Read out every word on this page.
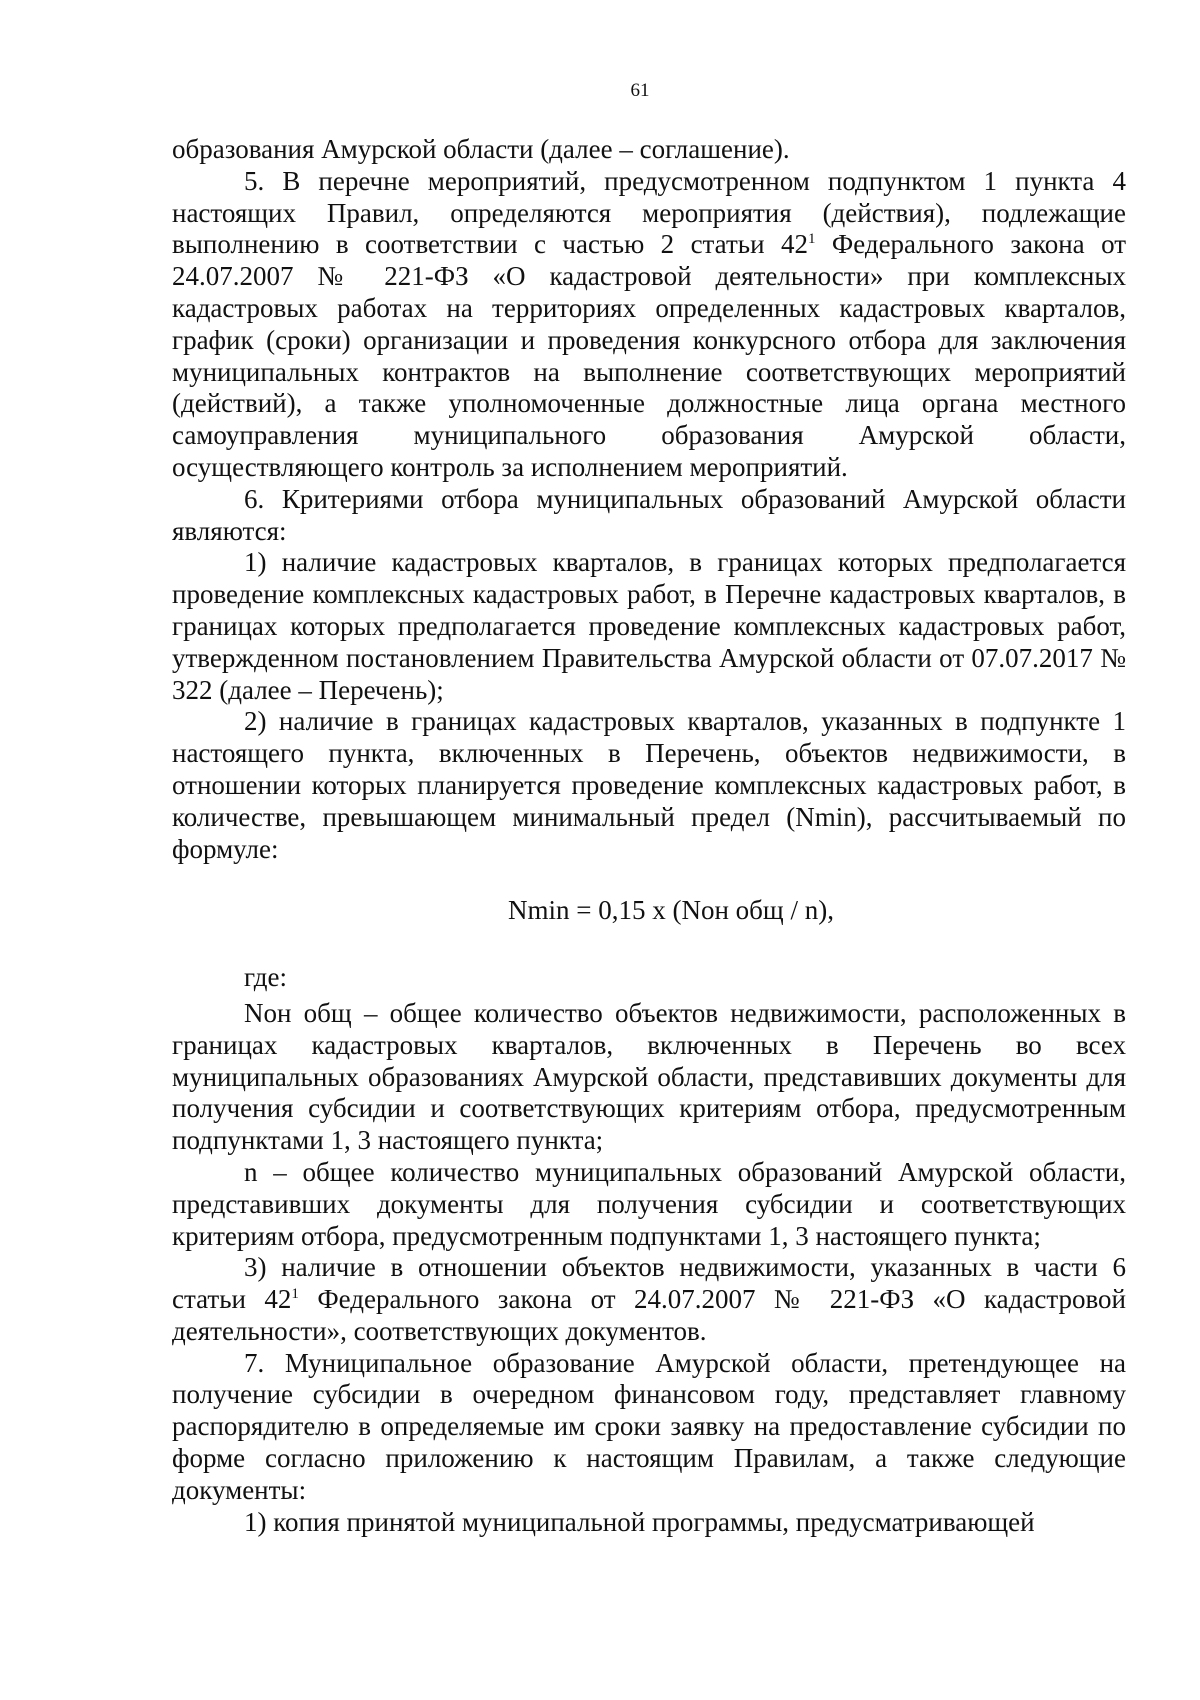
61

образования Амурской области (далее – соглашение).

5. В перечне мероприятий, предусмотренном подпунктом 1 пункта 4 настоящих Правил, определяются мероприятия (действия), подлежащие выполнению в соответствии с частью 2 статьи $42^1$ Федерального закона от 24.07.2007 № 221-ФЗ «О кадастровой деятельности» при комплексных кадастровых работах на территориях определенных кадастровых кварталов, график (сроки) организации и проведения конкурсного отбора для заключения муниципальных контрактов на выполнение соответствующих мероприятий (действий), а также уполномоченные должностные лица органа местного самоуправления муниципального образования Амурской области, осуществляющего контроль за исполнением мероприятий.

6. Критериями отбора муниципальных образований Амурской области являются:

1) наличие кадастровых кварталов, в границах которых предполагается проведение комплексных кадастровых работ, в Перечне кадастровых кварталов, в границах которых предполагается проведение комплексных кадастровых работ, утвержденном постановлением Правительства Амурской области от 07.07.2017 № 322 (далее – Перечень);

2) наличие в границах кадастровых кварталов, указанных в подпункте 1 настоящего пункта, включенных в Перечень, объектов недвижимости, в отношении которых планируется проведение комплексных кадастровых работ, в количестве, превышающем минимальный предел (Nmin), рассчитываемый по формуле:

Nmin = 0,15 х (Nон общ / n),

где:

Nон общ – общее количество объектов недвижимости, расположенных в границах кадастровых кварталов, включенных в Перечень во всех муниципальных образованиях Амурской области, представивших документы для получения субсидии и соответствующих критериям отбора, предусмотренным подпунктами 1, 3 настоящего пункта;

n – общее количество муниципальных образований Амурской области, представивших документы для получения субсидии и соответствующих критериям отбора, предусмотренным подпунктами 1, 3 настоящего пункта;

3) наличие в отношении объектов недвижимости, указанных в части 6 статьи $42^1$ Федерального закона от 24.07.2007 № 221-ФЗ «О кадастровой деятельности», соответствующих документов.

7. Муниципальное образование Амурской области, претендующее на получение субсидии в очередном финансовом году, представляет главному распорядителю в определяемые им сроки заявку на предоставление субсидии по форме согласно приложению к настоящим Правилам, а также следующие документы:

1) копия принятой муниципальной программы, предусматривающей
